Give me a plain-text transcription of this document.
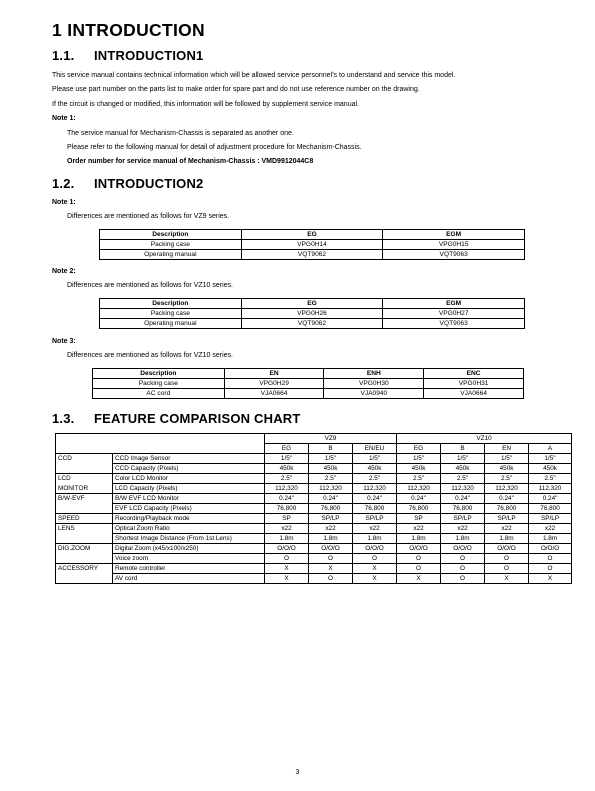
1 INTRODUCTION
1.1. INTRODUCTION1

This service manual contains technical information which will be allowed service personnel’s to understand and service this model.

Please use part number on the parts list to make order for spare part and do not use reference number on the drawing.

If the circuit is changed or modified, this information will be followed by supplement service manual.

Note 1:

The service manual for Mechanism-Chassis is separated as another one.

Please refer to the following manual for detail of adjustment procedure for Mechanism-Chassis.

Order number for service manual of Mechanism-Chassis : VMD9912044C8

1.2. INTRODUCTION2

Note 1:

Differences are mentioned as follows for VZ9 series.

Description	EG	EGM
Packing case	VPG0H14	VPG0H15
Operating manual	VQT9062	VQT9063

Note 2:

Differences are mentioned as follows for VZ10 series.

Description	EG	EGM
Packing case	VPG0H26	VPG0H27
Operating manual	VQT9062	VQT9063

Note 3:

Differences are mentioned as follows for VZ10 series.

Description	EN	ENH	ENC
Packing case	VPG0H29	VPG0H30	VPG0H31
AC cord	VJA0664	VJA0940	VJA0664
1.3. FEATURE COMPARISON CHART
		VZ9			VZ10			
		EG	B	EN/EU	EG	B	EN	A
CCD	CCD Image Sensor	1/5"	1/5"	1/5"	1/5"	1/5"	1/5"	1/5"
	CCD Capacity (Pixels)	450k	450k	450k	450k	450k	450k	450k
LCD	Color LCD Monitor	2.5"	2.5"	2.5"	2.5"	2.5"	2.5"	2.5"
MONITOR	LCD Capacity (Pixels)	112,320	112,320	112,320	112,320	112,320	112,320	112,320
B/W-EVF	B/W EVF LCD Monitor	0.24"	0.24"	0.24"	0.24"	0.24"	0.24"	0.24"
	EVF LCD Capacity (Pixels)	76,800	76,800	76,800	76,800	76,800	76,800	76,800
SPEED	Recording/Playback mode	SP	SP/LP	SP/LP	SP	SP/LP	SP/LP	SP/LP
LENS	Optical Zoom Ratio	x22	x22	x22	x22	x22	x22	x22
	Shortest Image Distance (From 1st Lens)	1.8m	1.8m	1.8m	1.8m	1.8m	1.8m	1.8m
DIG.ZOOM	Digital Zoom (x45/x100/x250)	O/O/O	O/O/O	O/O/O	O/O/O	O/O/O	O/O/O	O/O/O
	Voice zoom	O	O	O	O	O	O	O
ACCESSORY	Remote controller	X	X	X	O	O	O	O
	AV cord	X	O	X	X	O	X	X
3
